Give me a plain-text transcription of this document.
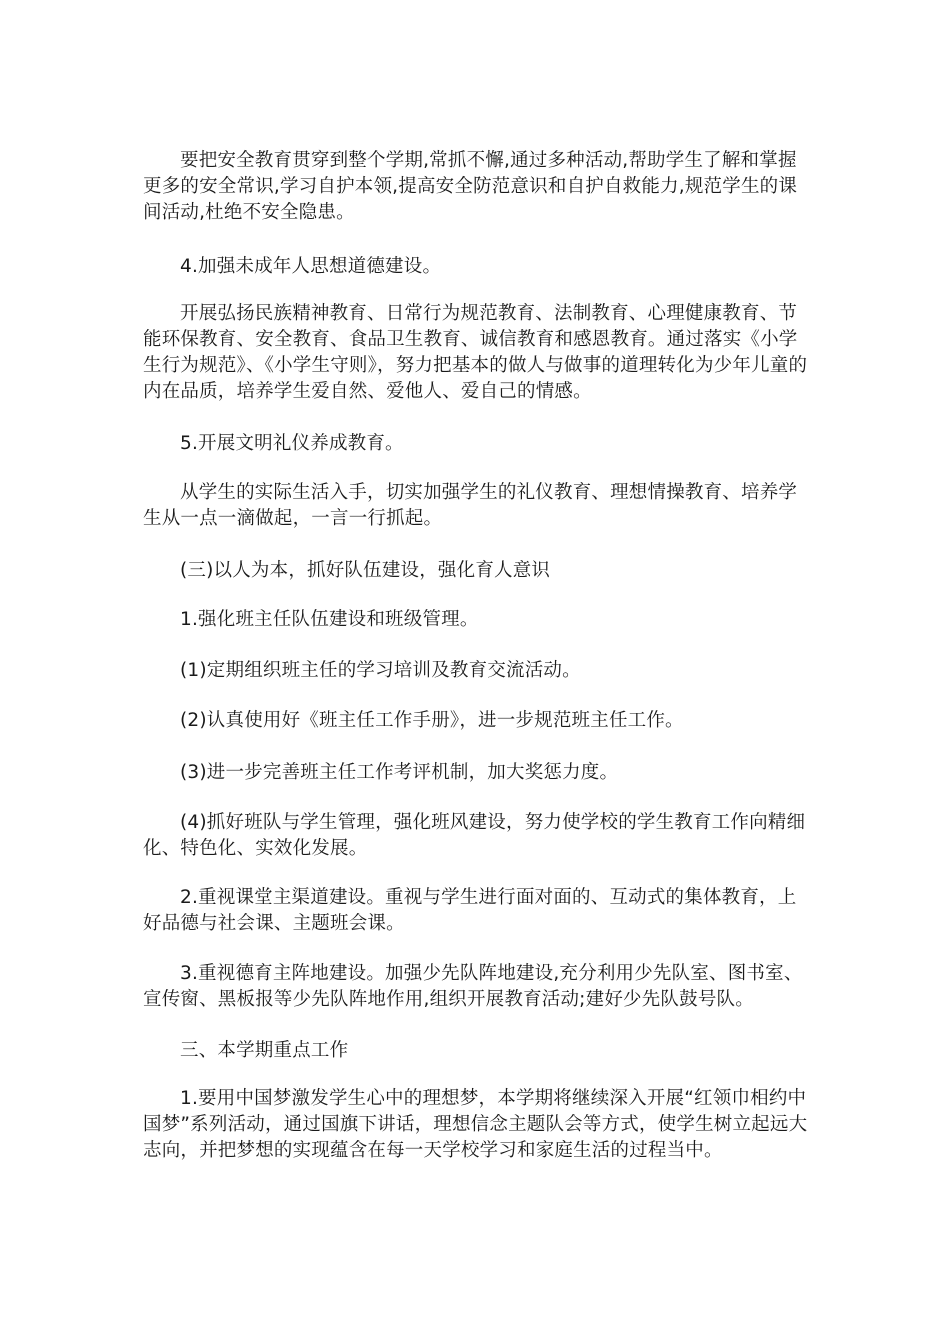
要把安全教育贯穿到整个学期,常抓不懈,通过多种活动,帮助学生了解和掌握更多的安全常识,学习自护本领,提高安全防范意识和自护自救能力,规范学生的课间活动,杜绝不安全隐患。

4.加强未成年人思想道德建设。

开展弘扬民族精神教育、日常行为规范教育、法制教育、心理健康教育、节能环保教育、安全教育、食品卫生教育、诚信教育和感恩教育。通过落实《小学生行为规范》、《小学生守则》，努力把基本的做人与做事的道理转化为少年儿童的内在品质，培养学生爱自然、爱他人、爱自己的情感。

5.开展文明礼仪养成教育。

从学生的实际生活入手，切实加强学生的礼仪教育、理想情操教育、培养学生从一点一滴做起，一言一行抓起。

(三)以人为本，抓好队伍建设，强化育人意识

1.强化班主任队伍建设和班级管理。

(1)定期组织班主任的学习培训及教育交流活动。

(2)认真使用好《班主任工作手册》，进一步规范班主任工作。

(3)进一步完善班主任工作考评机制，加大奖惩力度。

(4)抓好班队与学生管理，强化班风建设，努力使学校的学生教育工作向精细化、特色化、实效化发展。

2.重视课堂主渠道建设。重视与学生进行面对面的、互动式的集体教育，上好品德与社会课、主题班会课。

3.重视德育主阵地建设。加强少先队阵地建设,充分利用少先队室、图书室、宣传窗、黑板报等少先队阵地作用,组织开展教育活动;建好少先队鼓号队。

三、本学期重点工作

1.要用中国梦激发学生心中的理想梦，本学期将继续深入开展“红领巾相约中国梦”系列活动，通过国旗下讲话，理想信念主题队会等方式，使学生树立起远大志向，并把梦想的实现蕴含在每一天学校学习和家庭生活的过程当中。
